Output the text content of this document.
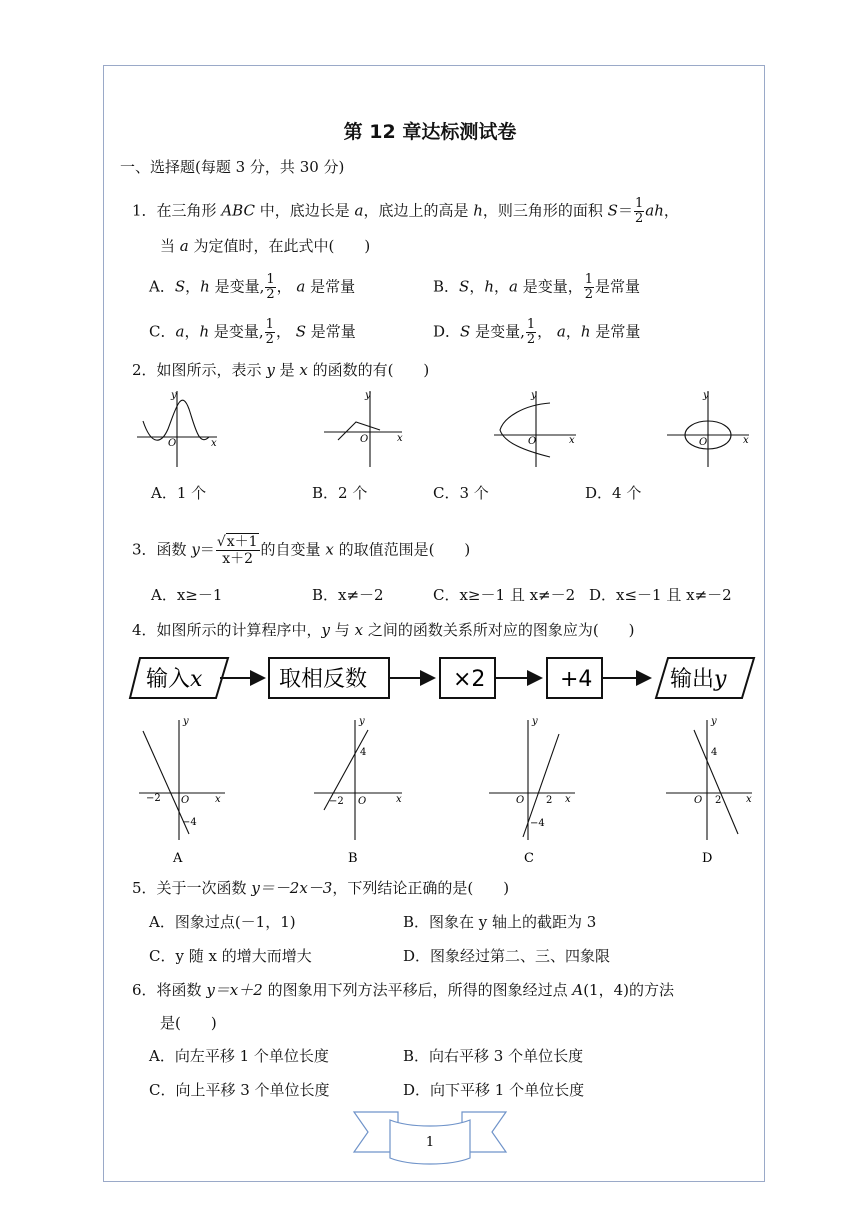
第 12 章达标测试卷
一、选择题(每题 3 分，共 30 分)
1．在三角形 ABC 中，底边长是 a，底边上的高是 h，则三角形的面积 $S= \frac{1}{2}$ ah，
当 a 为定值时，在此式中(　　)
A．S，h 是变量, $\frac{1}{2}$ ， a 是常量	B．S，h，a 是变量， $\frac{1}{2}$ 是常量
C．a，h 是变量, $\frac{1}{2}$ ， S 是常量	D．S 是变量, $\frac{1}{2}$ ， a，h 是常量
2．如图所示，表示 y 是 x 的函数的有(　　)
y
x
O
y
x
O
y
x
O
y
x
O
A．1 个	B．2 个	C．3 个	D．4 个
3．函数 $y= \frac{√x+1}{x+2}$ 的自变量 x 的取值范围是(　　)
A．x≥－1	B．x≠－2	C．x≥－1 且 x≠－2 D．x≤－1 且 x≠－2
4．如图所示的计算程序中，y 与 x 之间的函数关系所对应的图象应为(　　)
输入x	取相反数	×2	+4	输出y
y
x
O
−2
−4
A
y
x
O
−2
4
B
y
x
O 2
−4
C
y
x
O 2
4
D
5．关于一次函数 y＝－2x－3，下列结论正确的是(　　)
A．图象过点(－1，1)	B．图象在 y 轴上的截距为 3
C．y 随 x 的增大而增大	D．图象经过第二、三、四象限
6．将函数 y＝x＋2 的图象用下列方法平移后，所得的图象经过点 A(1，4)的方法
是(　　)
A．向左平移 1 个单位长度	B．向右平移 3 个单位长度
C．向上平移 3 个单位长度	D．向下平移 1 个单位长度
1
